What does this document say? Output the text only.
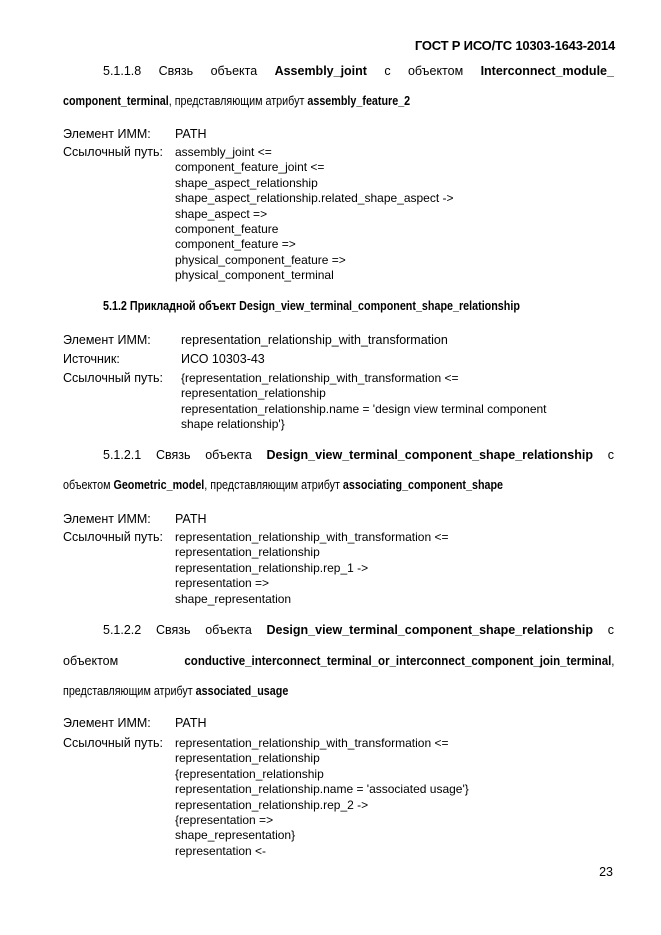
ГОСТ Р ИСО/ТС 10303-1643-2014
5.1.1.8 Связь объекта Assembly_joint с объектом Interconnect_module_
component_terminal, представляющим атрибут assembly_feature_2
Элемент ИММ: PATH
Ссылочный путь: assembly_joint <=
component_feature_joint <=
shape_aspect_relationship
shape_aspect_relationship.related_shape_aspect ->
shape_aspect =>
component_feature
component_feature =>
physical_component_feature =>
physical_component_terminal
5.1.2 Прикладной объект Design_view_terminal_component_shape_relationship
Элемент ИММ: representation_relationship_with_transformation
Источник:	ИСО 10303-43
Ссылочный путь: {representation_relationship_with_transformation <=
representation_relationship
representation_relationship.name = 'design view terminal component
shape relationship'}
5.1.2.1 Связь объекта Design_view_terminal_component_shape_relationship с
объектом Geometric_model, представляющим атрибут associating_component_shape
Элемент ИММ: PATH
Ссылочный путь: representation_relationship_with_transformation <=
representation_relationship
representation_relationship.rep_1 ->
representation =>
shape_representation
5.1.2.2 Связь объекта Design_view_terminal_component_shape_relationship с
объектом	conductive_interconnect_terminal_or_interconnect_component_join_terminal,
представляющим атрибут associated_usage
Элемент ИММ: PATH
Ссылочный путь: representation_relationship_with_transformation <=
representation_relationship
{representation_relationship
representation_relationship.name = 'associated usage'}
representation_relationship.rep_2 ->
{representation =>
shape_representation}
representation <-
23
